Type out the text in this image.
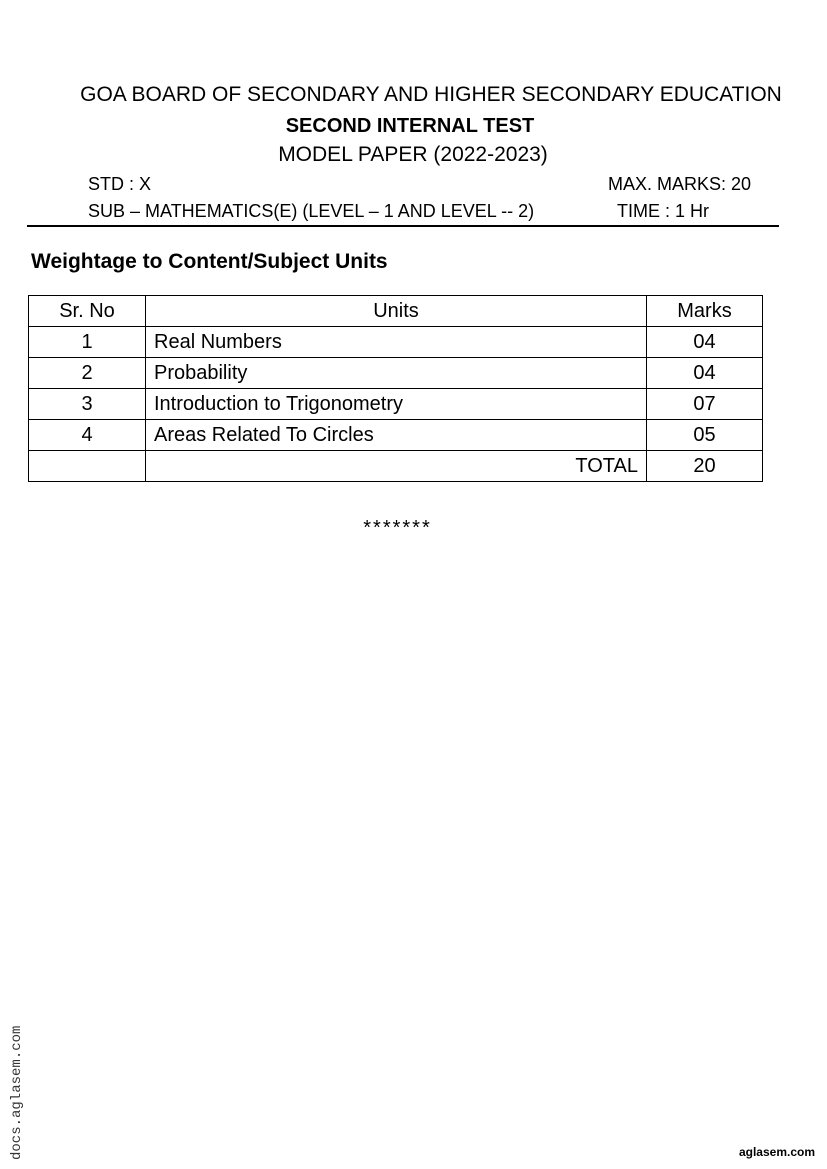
GOA BOARD OF SECONDARY AND HIGHER SECONDARY EDUCATION
SECOND INTERNAL TEST
MODEL PAPER (2022-2023)
STD : X	MAX. MARKS: 20
SUB – MATHEMATICS(E) (LEVEL – 1 AND LEVEL -- 2)	TIME : 1 Hr
Weightage to Content/Subject Units
Sr. No	Units	Marks
1	Real Numbers	04
2	Probability	04
3	Introduction to Trigonometry	07
4	Areas Related To Circles	05
	TOTAL	20
*******
docs.aglasem.com	aglasem.com
